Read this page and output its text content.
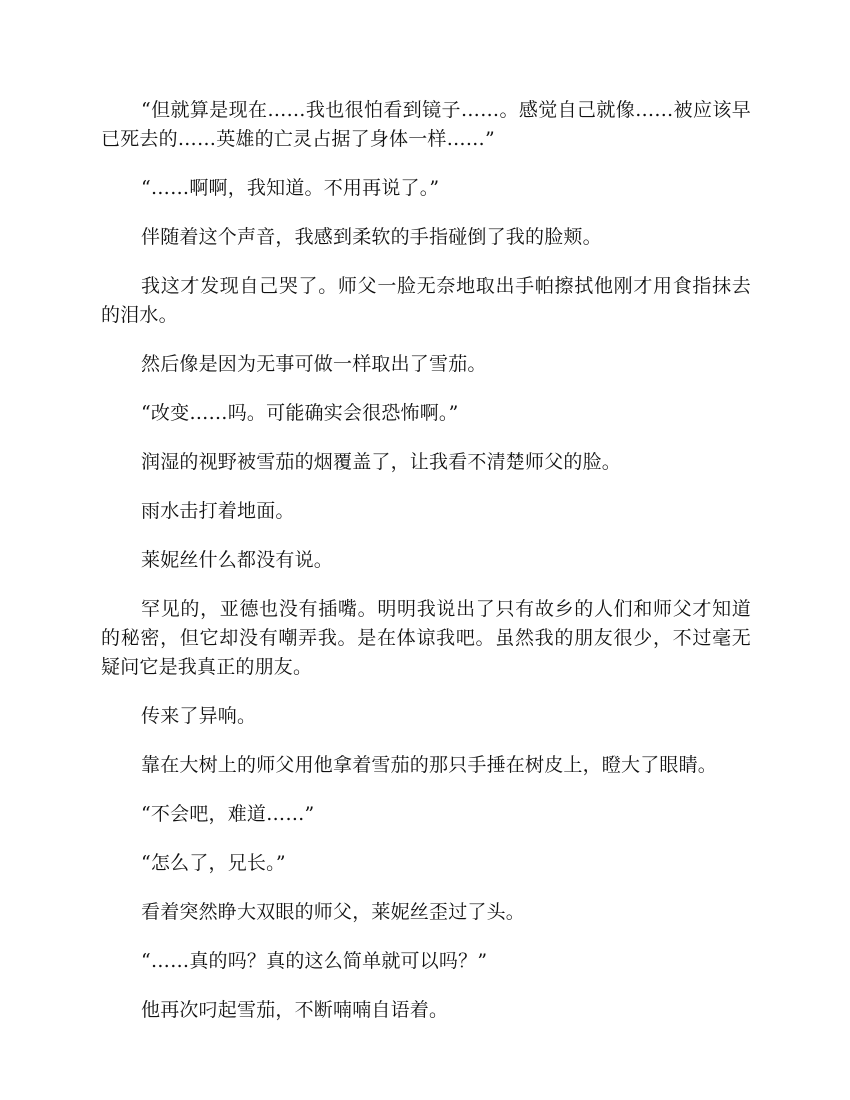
“但就算是现在……我也很怕看到镜子……。感觉自己就像……被应该早已死去的……英雄的亡灵占据了身体一样……”

“……啊啊，我知道。不用再说了。”

伴随着这个声音，我感到柔软的手指碰倒了我的脸颊。

我这才发现自己哭了。师父一脸无奈地取出手帕擦拭他刚才用食指抹去的泪水。

然后像是因为无事可做一样取出了雪茄。

“改变……吗。可能确实会很恐怖啊。”

润湿的视野被雪茄的烟覆盖了，让我看不清楚师父的脸。

雨水击打着地面。

莱妮丝什么都没有说。

罕见的，亚德也没有插嘴。明明我说出了只有故乡的人们和师父才知道的秘密，但它却没有嘲弄我。是在体谅我吧。虽然我的朋友很少，不过毫无疑问它是我真正的朋友。

传来了异响。

靠在大树上的师父用他拿着雪茄的那只手捶在树皮上，瞪大了眼睛。

“不会吧，难道……”

“怎么了，兄长。”

看着突然睁大双眼的师父，莱妮丝歪过了头。

“……真的吗？真的这么简单就可以吗？”

他再次叼起雪茄，不断喃喃自语着。
